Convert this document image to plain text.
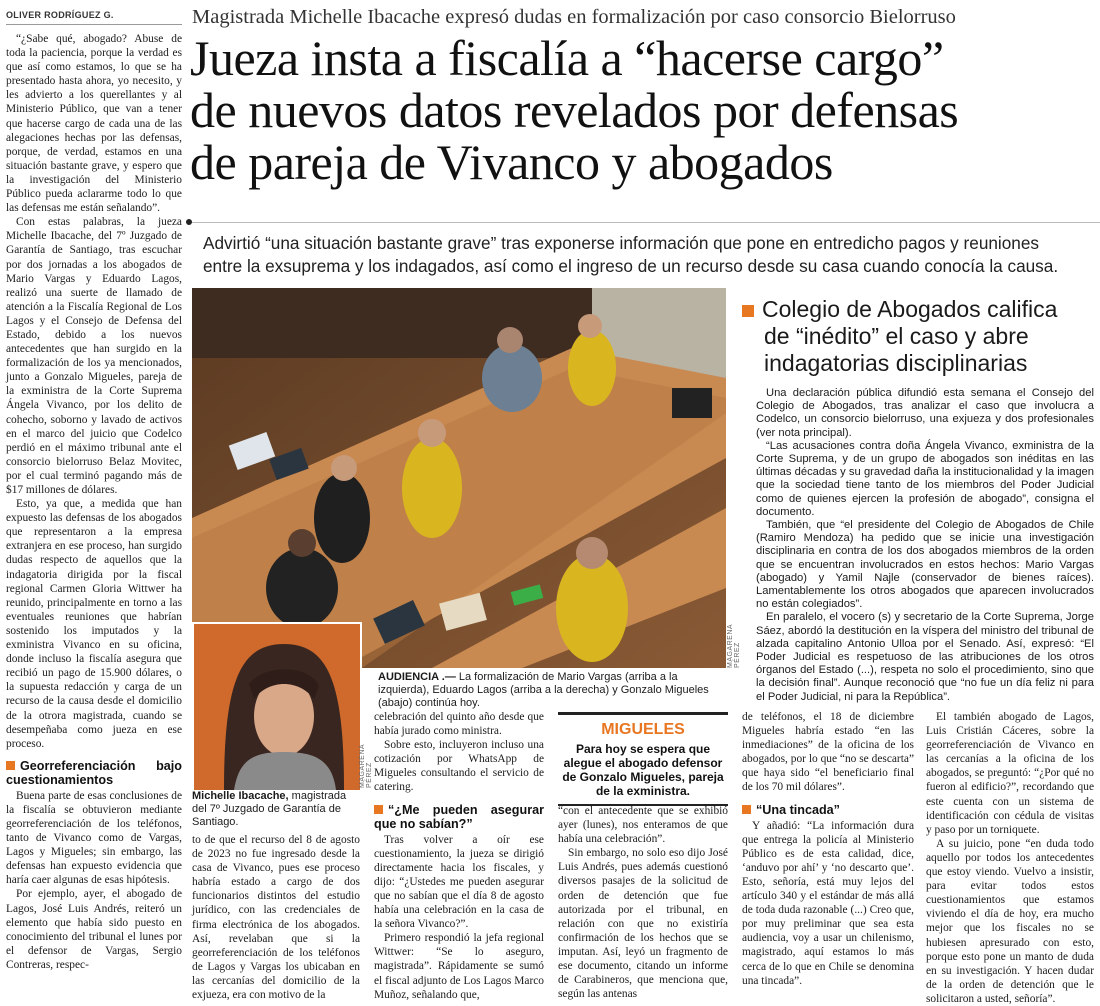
OLIVER RODRÍGUEZ G.	Magistrada Michelle Ibacache expresó dudas en formalización por caso consorcio Bielorruso
Jueza insta a fiscalía a “hacerse cargo”
de nuevos datos revelados por defensas
de pareja de Vivanco y abogados
Advirtió “una situación bastante grave” tras exponerse información que pone en entredicho pagos y reuniones
entre la exsuprema y los indagados, así como el ingreso de un recurso desde su casa cuando conocía la causa.

“¿Sabe qué, abogado? Abuse de toda la paciencia, porque la verdad es que así como estamos, lo que se ha presentado hasta ahora, yo necesito, y les advierto a los querellantes y al Ministerio Público, que van a tener que hacerse cargo de cada una de las alegaciones hechas por las defensas, porque, de verdad, estamos en una situación bastante grave, y espero que la investigación del Ministerio Público pueda aclararme todo lo que las defensas me están señalando”.

Con estas palabras, la jueza Michelle Ibacache, del 7º Juzgado de Garantía de Santiago, tras escuchar por dos jornadas a los abogados de Mario Vargas y Eduardo Lagos, realizó una suerte de llamado de atención a la Fiscalía Regional de Los Lagos y el Consejo de Defensa del Estado, debido a los nuevos antecedentes que han surgido en la formalización de los ya mencionados, junto a Gonzalo Migueles, pareja de la exministra de la Corte Suprema Ángela Vivanco, por los delito de cohecho, soborno y lavado de activos en el marco del juicio que Codelco perdió en el máximo tribunal ante el consorcio bielorruso Belaz Movitec, por el cual terminó pagando más de $17 millones de dólares.

Esto, ya que, a medida que han expuesto las defensas de los abogados que representaron a la empresa extranjera en ese proceso, han surgido dudas respecto de aquellos que la indagatoria dirigida por la fiscal regional Carmen Gloria Wittwer ha reunido, principalmente en torno a las eventuales reuniones que habrían sostenido los imputados y la exministra Vivanco en su oficina, donde incluso la fiscalía asegura que recibió un pago de 15.900 dólares, o la supuesta redacción y carga de un recurso de la causa desde el domicilio de la otrora magistrada, cuando se desempeñaba como jueza en ese proceso.

Georreferenciación bajo cuestionamientos

Buena parte de esas conclusiones de la fiscalía se obtuvieron mediante georreferenciación de los teléfonos, tanto de Vivanco como de Vargas, Lagos y Migueles; sin embargo, las defensas han expuesto evidencia que haría caer algunas de esas hipótesis.

Por ejemplo, ayer, el abogado de Lagos, José Luis Andrés, reiteró un elemento que había sido puesto en conocimiento del tribunal el lunes por el defensor de Vargas, Sergio Contreras, respec-

MAGARENA PÉREZ
AUDIENCIA .— La formalización de Mario Vargas (arriba a la izquierda), Eduardo Lagos (arriba a la derecha) y Gonzalo Migueles (abajo) continúa hoy.
MAGARENA PÉREZ
Michelle Ibacache, magistrada del 7º Juzgado de Garantía de Santiago.
Colegio de Abogados califica
de “inédito” el caso y abre
indagatorias disciplinarias

Una declaración pública difundió esta semana el Consejo del Colegio de Abogados, tras analizar el caso que involucra a Codelco, un consorcio bielorruso, una exjueza y dos profesionales (ver nota principal).

“Las acusaciones contra doña Ángela Vivanco, exministra de la Corte Suprema, y de un grupo de abogados son inéditas en las últimas décadas y su gravedad daña la institucionalidad y la imagen que la sociedad tiene tanto de los miembros del Poder Judicial como de quienes ejercen la profesión de abogado”, consigna el documento.

También, que “el presidente del Colegio de Abogados de Chile (Ramiro Mendoza) ha pedido que se inicie una investigación disciplinaria en contra de los dos abogados miembros de la orden que se encuentran involucrados en estos hechos: Mario Vargas (abogado) y Yamil Najle (conservador de bienes raíces). Lamentablemente los otros abogados que aparecen involucrados no están colegiados”.

En paralelo, el vocero (s) y secretario de la Corte Suprema, Jorge Sáez, abordó la destitución en la víspera del ministro del tribunal de alzada capitalino Antonio Ulloa por el Senado. Así, expresó: “El Poder Judicial es respetuoso de las atribuciones de los otros órganos del Estado (...), respeta no solo el procedimiento, sino que la decisión final”. Aunque reconoció que “no fue un día feliz ni para el Poder Judicial, ni para la República”.

to de que el recurso del 8 de agosto de 2023 no fue ingresado desde la casa de Vivanco, pues ese proceso habría estado a cargo de dos funcionarios distintos del estudio jurídico, con las credenciales de firma electrónica de los abogados. Así, revelaban que si la georreferenciación de los teléfonos de Lagos y Vargas los ubicaban en las cercanías del domicilio de la exjueza, era con motivo de la

celebración del quinto año desde que había jurado como ministra.

Sobre esto, incluyeron incluso una cotización por WhatsApp de Migueles consultando el servicio de catering.

“¿Me pueden asegurar que no sabían?”

Tras volver a oír ese cuestionamiento, la jueza se dirigió directamente hacia los fiscales, y dijo: “¿Ustedes me pueden asegurar que no sabían que el día 8 de agosto había una celebración en la casa de la señora Vivanco?”.

Primero respondió la jefa regional Wittwer: “Se lo aseguro, magistrada”. Rápidamente se sumó el fiscal adjunto de Los Lagos Marco Muñoz, señalando que,

MIGUELES
Para hoy se espera que alegue el abogado defensor de Gonzalo Migueles, pareja de la exministra.

“con el antecedente que se exhibió ayer (lunes), nos enteramos de que había una celebración”.

Sin embargo, no solo eso dijo José Luis Andrés, pues además cuestionó diversos pasajes de la solicitud de orden de detención que fue autorizada por el tribunal, en relación con que no existiría confirmación de los hechos que se imputan. Así, leyó un fragmento de ese documento, citando un informe de Carabineros, que menciona que, según las antenas

de teléfonos, el 18 de diciembre Migueles habría estado “en las inmediaciones” de la oficina de los abogados, por lo que “no se descarta” que haya sido “el beneficiario final de los 70 mil dólares”.

“Una tincada”

Y añadió: “La información dura que entrega la policía al Ministerio Público es de esta calidad, dice, ‘anduvo por ahí’ y ‘no descarto que’. Esto, señoría, está muy lejos del artículo 340 y el estándar de más allá de toda duda razonable (...) Creo que, por muy preliminar que sea esta audiencia, voy a usar un chilenismo, magistrado, aquí estamos lo más cerca de lo que en Chile se denomina una tincada”.

El también abogado de Lagos, Luis Cristián Cáceres, sobre la georreferenciación de Vivanco en las cercanías a la oficina de los abogados, se preguntó: “¿Por qué no fueron al edificio?”, recordando que este cuenta con un sistema de identificación con cédula de visitas y paso por un torniquete.

A su juicio, pone “en duda todo aquello por todos los antecedentes que estoy viendo. Vuelvo a insistir, para evitar todos estos cuestionamientos que estamos viviendo el día de hoy, era mucho mejor que los fiscales no se hubiesen apresurado con esto, porque esto pone un manto de duda en su investigación. Y hacen dudar de la orden de detención que le solicitaron a usted, señoría”.
